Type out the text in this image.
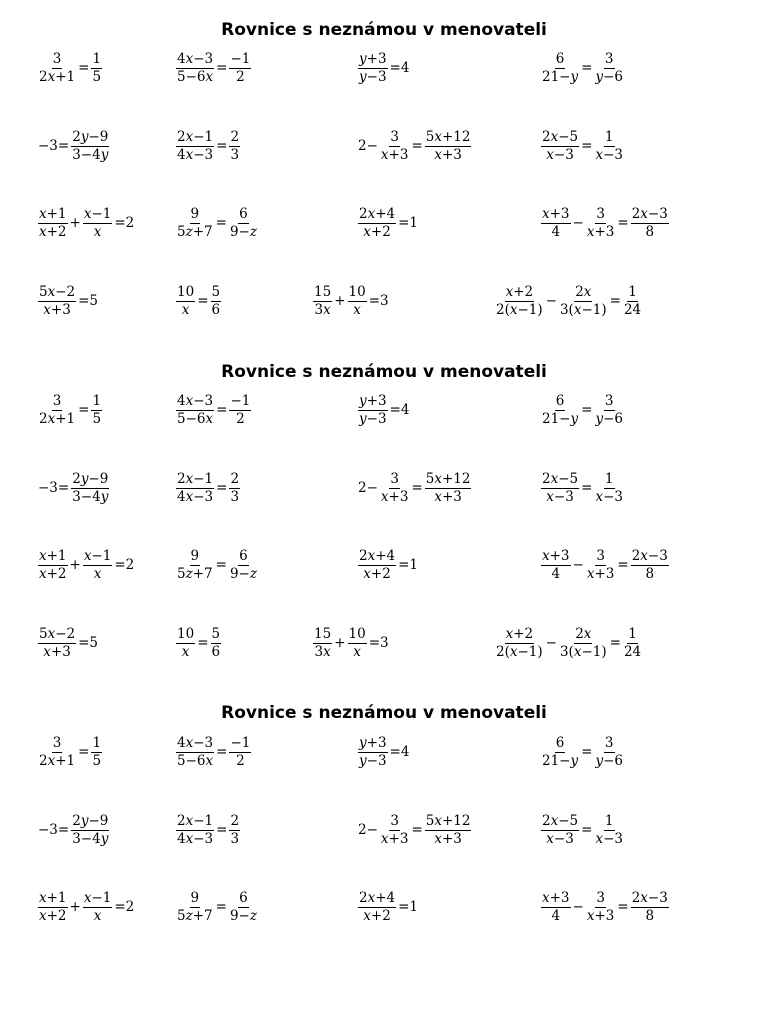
Rovnice s neznámou v menovateli
$\frac{3}{2x+1} = \frac{1}{5}$	$\frac{4x-3}{5-6x} = \frac{-1}{2}$	$\frac{y+3}{y-3} =4$	$\frac{6}{21-y} = \frac{3}{y-6}$
$-3= \frac{2y-9}{3-4y}$	$\frac{2x-1}{4x-3} = \frac{2}{3}$	$2- \frac{3}{x+3} = \frac{5x+12}{x+3}$	$\frac{2x-5}{x-3} = \frac{1}{x-3}$
$\frac{x+1}{x+2} + \frac{x-1}{x} =2$	$\frac{9}{5z+7} = \frac{6}{9-z}$	$\frac{2x+4}{x+2} =1$	$\frac{x+3}{4} - \frac{3}{x+3} = \frac{2x-3}{8}$
$\frac{5x-2}{x+3} =5$	$\frac{10}{x} = \frac{5}{6}$	$\frac{15}{3x} + \frac{10}{x} =3$	$\frac{x+2}{2(x-1)} - \frac{2x}{3(x-1)} = \frac{1}{24}$
Rovnice s neznámou v menovateli
$\frac{3}{2x+1} = \frac{1}{5}$	$\frac{4x-3}{5-6x} = \frac{-1}{2}$	$\frac{y+3}{y-3} =4$	$\frac{6}{21-y} = \frac{3}{y-6}$
$-3= \frac{2y-9}{3-4y}$	$\frac{2x-1}{4x-3} = \frac{2}{3}$	$2- \frac{3}{x+3} = \frac{5x+12}{x+3}$	$\frac{2x-5}{x-3} = \frac{1}{x-3}$
$\frac{x+1}{x+2} + \frac{x-1}{x} =2$	$\frac{9}{5z+7} = \frac{6}{9-z}$	$\frac{2x+4}{x+2} =1$	$\frac{x+3}{4} - \frac{3}{x+3} = \frac{2x-3}{8}$
$\frac{5x-2}{x+3} =5$	$\frac{10}{x} = \frac{5}{6}$	$\frac{15}{3x} + \frac{10}{x} =3$	$\frac{x+2}{2(x-1)} - \frac{2x}{3(x-1)} = \frac{1}{24}$
Rovnice s neznámou v menovateli
$\frac{3}{2x+1} = \frac{1}{5}$	$\frac{4x-3}{5-6x} = \frac{-1}{2}$	$\frac{y+3}{y-3} =4$	$\frac{6}{21-y} = \frac{3}{y-6}$
$-3= \frac{2y-9}{3-4y}$	$\frac{2x-1}{4x-3} = \frac{2}{3}$	$2- \frac{3}{x+3} = \frac{5x+12}{x+3}$	$\frac{2x-5}{x-3} = \frac{1}{x-3}$
$\frac{x+1}{x+2} + \frac{x-1}{x} =2$	$\frac{9}{5z+7} = \frac{6}{9-z}$	$\frac{2x+4}{x+2} =1$	$\frac{x+3}{4} - \frac{3}{x+3} = \frac{2x-3}{8}$
